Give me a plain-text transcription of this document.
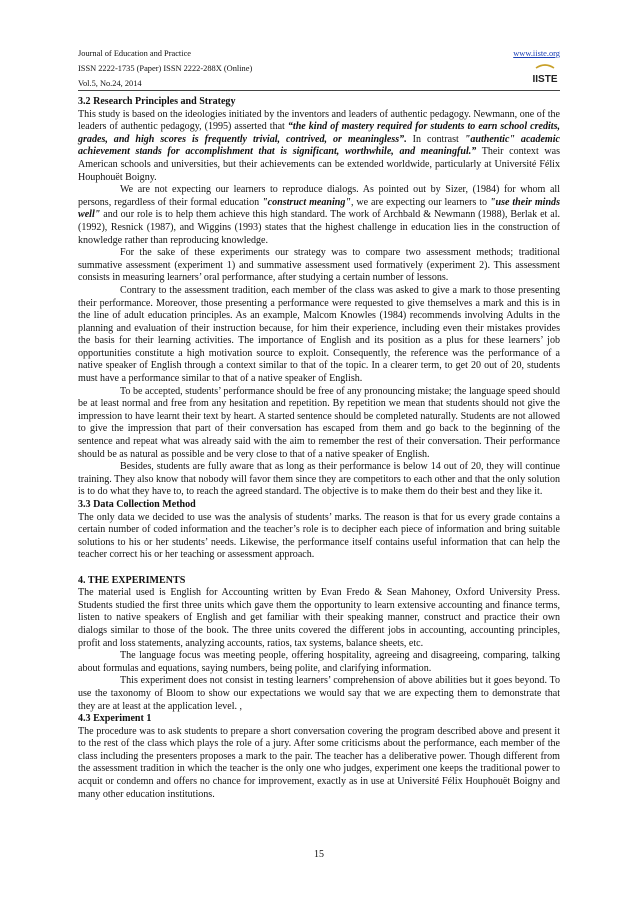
Journal of Education and Practice
ISSN 2222-1735 (Paper) ISSN 2222-288X (Online)
Vol.5, No.24, 2014
www.iiste.org
IISTE
3.2 Research Principles and Strategy

This study is based on the ideologies initiated by the inventors and leaders of authentic pedagogy. Newmann, one of the leaders of authentic pedagogy, (1995) asserted that “the kind of mastery required for students to earn school credits, grades, and high scores is frequently trivial, contrived, or meaningless”. In contrast "authentic" academic achievement stands for accomplishment that is significant, worthwhile, and meaningful.” Their context was American schools and universities, but their achievements can be extended worldwide, particularly at Université Félix Houphouët Boigny.

We are not expecting our learners to reproduce dialogs. As pointed out by Sizer, (1984) for whom all persons, regardless of their formal education "construct meaning", we are expecting our learners to "use their minds well" and our role is to help them achieve this high standard. The work of Archbald & Newmann (1988), Berlak et al. (1992), Resnick (1987), and Wiggins (1993) states that the highest challenge in education lies in the construction of knowledge rather than reproducing knowledge.

For the sake of these experiments our strategy was to compare two assessment methods; traditional summative assessment (experiment 1) and summative assessment used formatively (experiment 2). This assessment consists in measuring learners’ oral performance, after studying a certain number of lessons.

Contrary to the assessment tradition, each member of the class was asked to give a mark to those presenting their performance. Moreover, those presenting a performance were requested to give themselves a mark and this is in the line of adult education principles. As an example, Malcom Knowles (1984) recommends involving Adults in the planning and evaluation of their instruction because, for him their experience, including even their mistakes provides the basis for their learning activities. The importance of English and its position as a plus for these learners’ job opportunities constitute a high motivation source to exploit. Consequently, the reference was the performance of a native speaker of English through a context similar to that of the topic. In a clearer term, to get 20 out of 20, students must have a performance similar to that of a native speaker of English.

To be accepted, students’ performance should be free of any pronouncing mistake; the language speed should be at least normal and free from any hesitation and repetition. By repetition we mean that students should not give the impression to have learnt their text by heart. A started sentence should be completed naturally. Students are not allowed to give the impression that part of their conversation has escaped from them and go back to the beginning of the sentence and repeat what was already said with the aim to remember the rest of their conversation. Their performance should be as natural as possible and be very close to that of a native speaker of English.

Besides, students are fully aware that as long as their performance is below 14 out of 20, they will continue training. They also know that nobody will favor them since they are competitors to each other and that the only solution is to do what they have to, to reach the agreed standard. The objective is to make them do their best and they like it.

3.3 Data Collection Method

The only data we decided to use was the analysis of students’ marks. The reason is that for us every grade contains a certain number of coded information and the teacher’s role is to decipher each piece of information and bring suitable solutions to his or her students’ needs. Likewise, the performance itself contains useful information that can help the teacher correct his or her teaching or assessment approach.

4. THE EXPERIMENTS

The material used is English for Accounting written by Evan Fredo & Sean Mahoney, Oxford University Press. Students studied the first three units which gave them the opportunity to learn extensive accounting and finance terms, listen to native speakers of English and get familiar with their speaking manner, construct and practice their own dialogs similar to those of the book. The three units covered the different jobs in accounting, accounting principles, profit and loss statements, analyzing accounts, ratios, tax systems, balance sheets, etc.

The language focus was meeting people, offering hospitality, agreeing and disagreeing, comparing, talking about formulas and equations, saying numbers, being polite, and clarifying information.

This experiment does not consist in testing learners’ comprehension of above abilities but it goes beyond. To use the taxonomy of Bloom to show our expectations we would say that we are expecting them to demonstrate that they are at least at the application level. ,

4.3 Experiment 1

The procedure was to ask students to prepare a short conversation covering the program described above and present it to the rest of the class which plays the role of a jury. After some criticisms about the performance, each member of the class including the presenters proposes a mark to the pair. The teacher has a deliberative power. Though different from the assessment tradition in which the teacher is the only one who judges, experiment one keeps the traditional power to acquit or condemn and offers no chance for improvement, exactly as in use at Université Félix Houphouët Boigny and many other education institutions.

15
